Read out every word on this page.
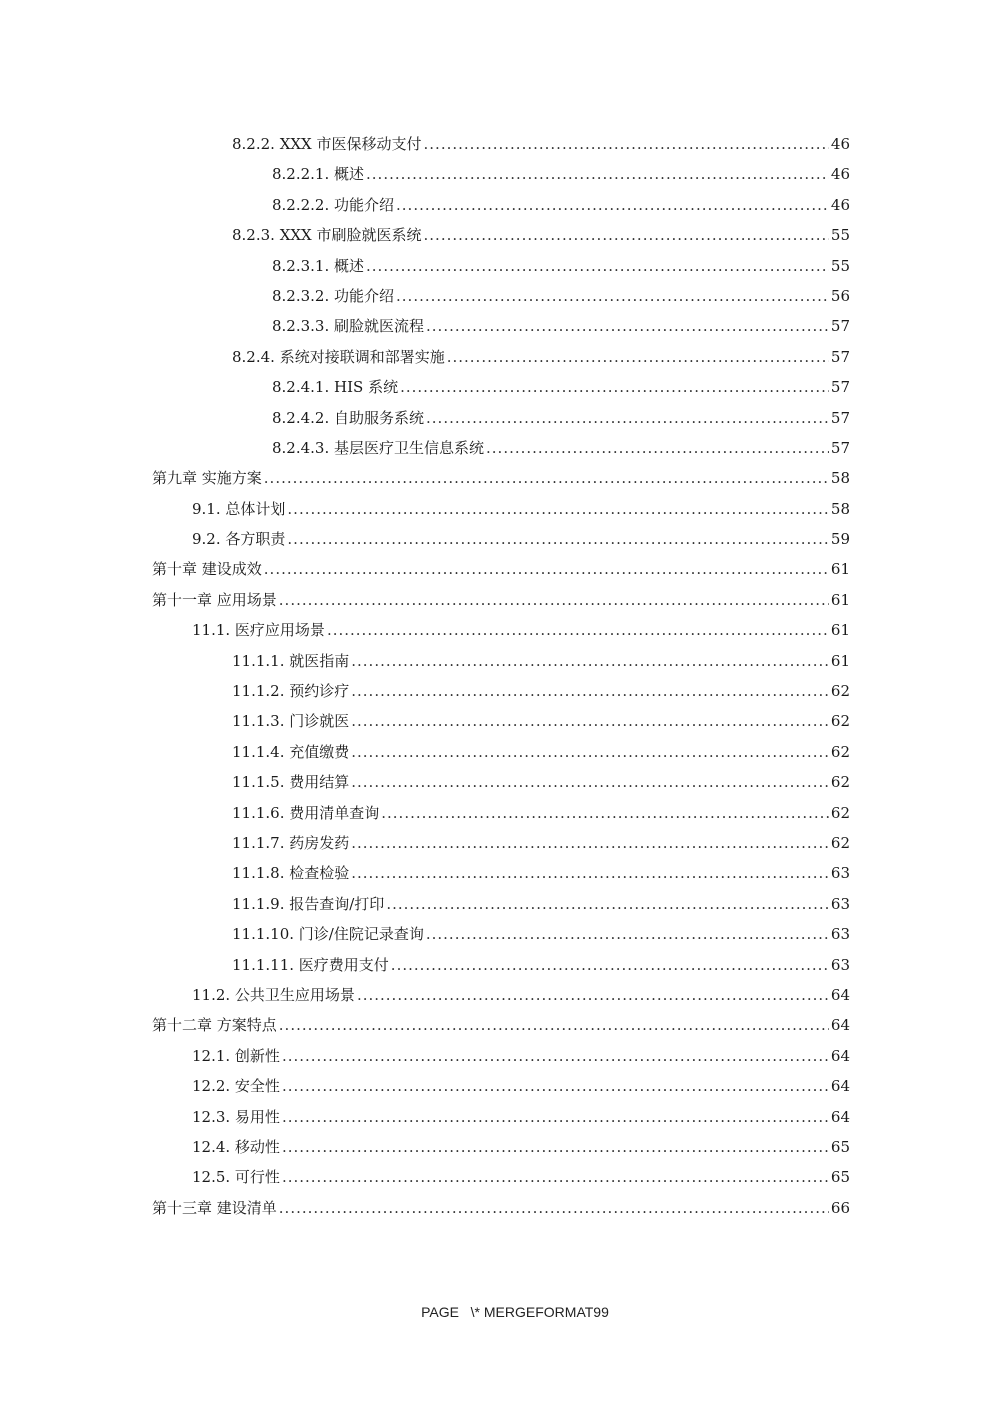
8.2.2. XXX 市医保移动支付 .....	46
8.2.2.1. 概述 .....	46
8.2.2.2. 功能介绍 .....	46
8.2.3. XXX 市刷脸就医系统 .....	55
8.2.3.1. 概述 .....	55
8.2.3.2. 功能介绍 .....	56
8.2.3.3. 刷脸就医流程 .....	57
8.2.4. 系统对接联调和部署实施 .....	57
8.2.4.1. HIS 系统 .....	57
8.2.4.2. 自助服务系统 .....	57
8.2.4.3. 基层医疗卫生信息系统 .....	57
第九章 实施方案 .....	58
9.1. 总体计划 .....	58
9.2. 各方职责 .....	59
第十章 建设成效 .....	61
第十一章 应用场景 .....	61
11.1. 医疗应用场景 .....	61
11.1.1. 就医指南 .....	61
11.1.2. 预约诊疗 .....	62
11.1.3. 门诊就医 .....	62
11.1.4. 充值缴费 .....	62
11.1.5. 费用结算 .....	62
11.1.6. 费用清单查询 .....	62
11.1.7. 药房发药 .....	62
11.1.8. 检查检验 .....	63
11.1.9. 报告查询/打印 .....	63
11.1.10. 门诊/住院记录查询 .....	63
11.1.11. 医疗费用支付 .....	63
11.2. 公共卫生应用场景 .....	64
第十二章 方案特点 .....	64
12.1. 创新性 .....	64
12.2. 安全性 .....	64
12.3. 易用性 .....	64
12.4. 移动性 .....	65
12.5. 可行性 .....	65
第十三章 建设清单 .....	66
PAGE   \* MERGEFORMAT99
